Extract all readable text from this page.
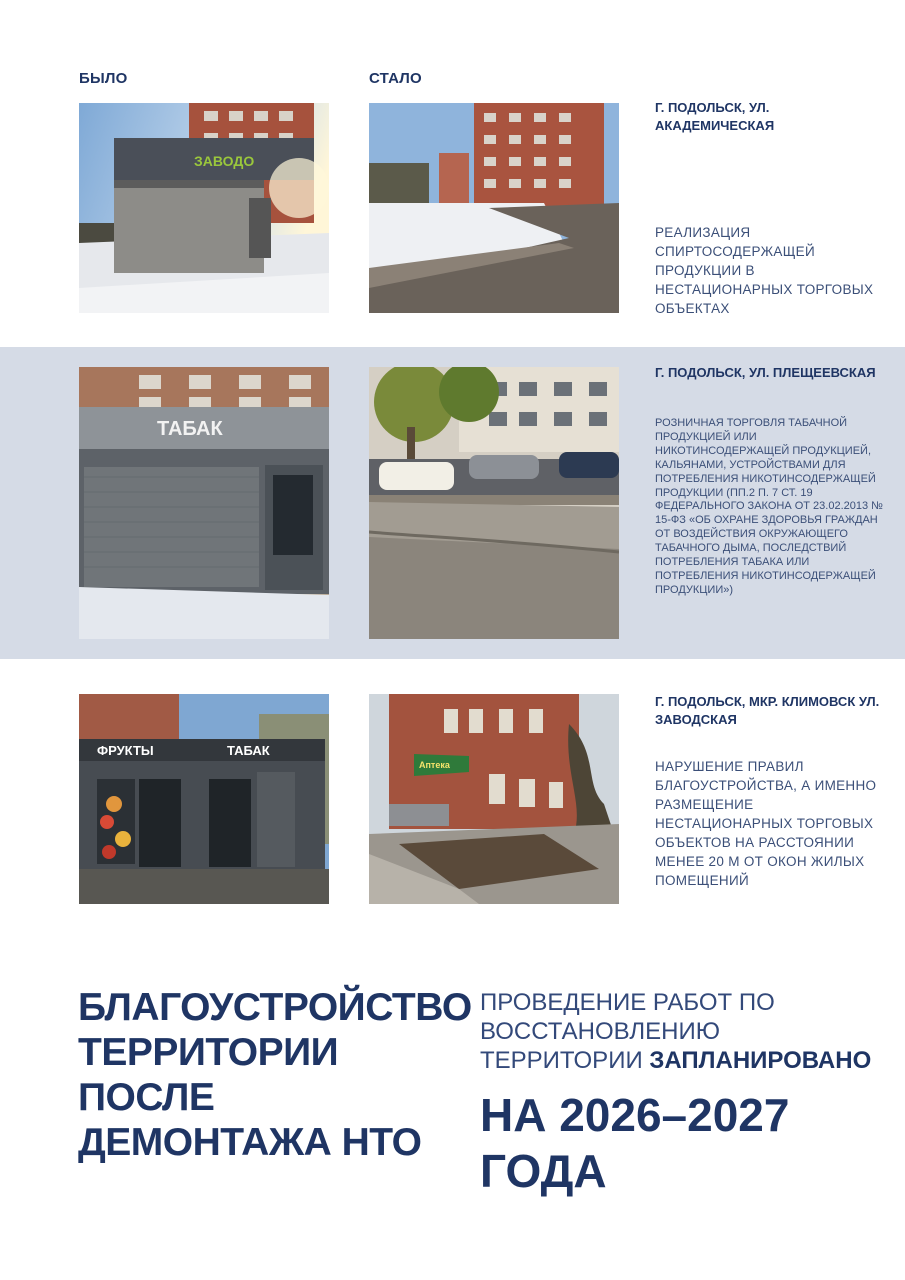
БЫЛО	СТАЛО
ЗАВОДО
Г. ПОДОЛЬСК, УЛ. АКАДЕМИЧЕСКАЯ
РЕАЛИЗАЦИЯ СПИРТОСОДЕРЖАЩЕЙ ПРОДУКЦИИ В НЕСТАЦИОНАРНЫХ ТОРГОВЫХ ОБЪЕКТАХ
ТАБАК
Г. ПОДОЛЬСК, УЛ. ПЛЕЩЕЕВСКАЯ
РОЗНИЧНАЯ ТОРГОВЛЯ ТАБАЧНОЙ ПРОДУКЦИЕЙ ИЛИ НИКОТИНСОДЕРЖАЩЕЙ ПРОДУКЦИЕЙ, КАЛЬЯНАМИ, УСТРОЙСТВАМИ ДЛЯ ПОТРЕБЛЕНИЯ НИКОТИНСОДЕРЖАЩЕЙ ПРОДУКЦИИ (ПП.2 П. 7 СТ. 19 ФЕДЕРАЛЬНОГО ЗАКОНА ОТ 23.02.2013 № 15-ФЗ «ОБ ОХРАНЕ ЗДОРОВЬЯ ГРАЖДАН ОТ ВОЗДЕЙСТВИЯ ОКРУЖАЮЩЕГО ТАБАЧНОГО ДЫМА, ПОСЛЕДСТВИЙ ПОТРЕБЛЕНИЯ ТАБАКА ИЛИ ПОТРЕБЛЕНИЯ НИКОТИНСОДЕРЖАЩЕЙ ПРОДУКЦИИ»)
ФРУКТЫ	ТАБАК
Аптека
Г. ПОДОЛЬСК, МКР. КЛИМОВСК УЛ. ЗАВОДСКАЯ
НАРУШЕНИЕ ПРАВИЛ БЛАГОУСТРОЙСТВА, А ИМЕННО РАЗМЕЩЕНИЕ НЕСТАЦИОНАРНЫХ ТОРГОВЫХ ОБЪЕКТОВ НА РАССТОЯНИИ МЕНЕЕ 20 М ОТ ОКОН ЖИЛЫХ ПОМЕЩЕНИЙ
БЛАГОУСТРОЙСТВО ТЕРРИТОРИИ ПОСЛЕ ДЕМОНТАЖА НТО
ПРОВЕДЕНИЕ РАБОТ ПО ВОССТАНОВЛЕНИЮ ТЕРРИТОРИИ ЗАПЛАНИРОВАНО
НА 2026–2027 ГОДА
